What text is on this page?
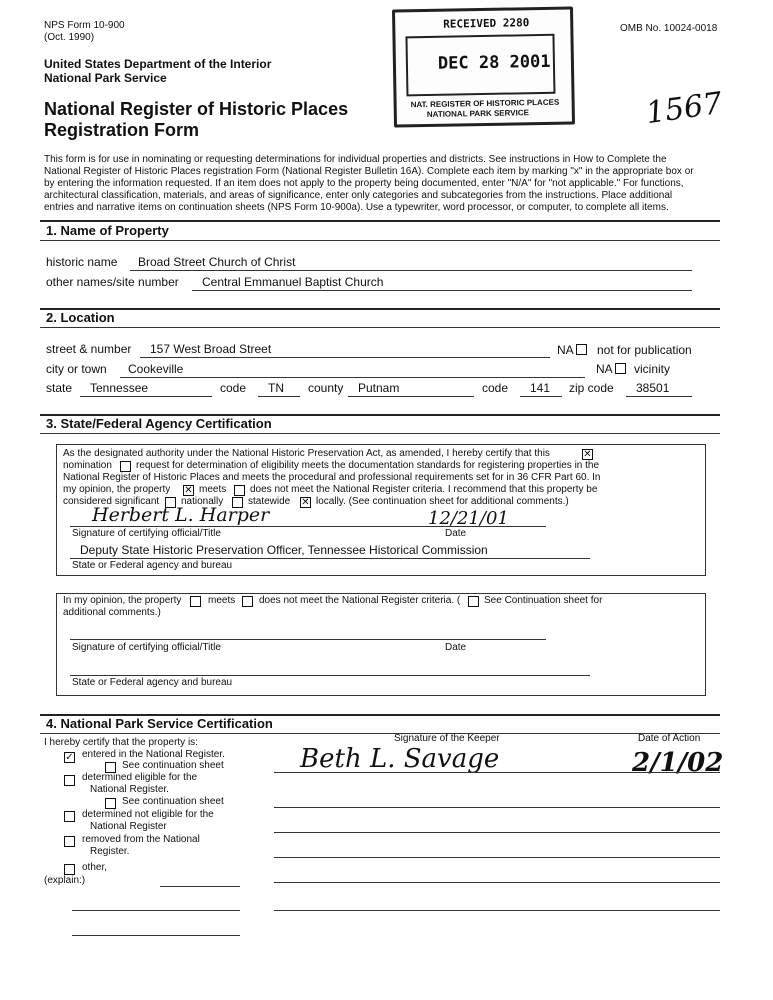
NPS Form 10-900
(Oct. 1990)
United States Department of the Interior
National Park Service
National Register of Historic Places
Registration Form
OMB No. 10024-0018
1567
RECEIVED 2280
DEC 28 2001
NAT. REGISTER OF HISTORIC PLACES
NATIONAL PARK SERVICE
This form is for use in nominating or requesting determinations for individual properties and districts. See instructions in How to Complete the
National Register of Historic Places registration Form (National Register Bulletin 16A). Complete each item by marking "x" in the appropriate box or
by entering the information requested. If an item does not apply to the property being documented, enter "N/A" for "not applicable." For functions,
architectural classification, materials, and areas of significance, enter only categories and subcategories from the instructions. Place additional
entries and narrative items on continuation sheets (NPS Form 10-900a). Use a typewriter, word processor, or computer, to complete all items.
1. Name of Property
historic name Broad Street Church of Christ
other names/site number Central Emmanuel Baptist Church
2. Location
street & number 157 West Broad Street	NA not for publication
city or town Cookeville	NA vicinity
state Tennessee	code TN county Putnam	code 141 zip code 38501
3. State/Federal Agency Certification
As the designated authority under the National Historic Preservation Act, as amended, I hereby certify that this	✕
nomination request for determination of eligibility meets the documentation standards for registering properties in the
National Register of Historic Places and meets the procedural and professional requirements set for in 36 CFR Part 60. In
my opinion, the property ✕ meets does not meet the National Register criteria. I recommend that this property be
considered significant nationally statewide ✕ locally. (See continuation sheet for additional comments.)
Herbert L. Harper	12/21/01
Signature of certifying official/Title	Date
Deputy State Historic Preservation Officer, Tennessee Historical Commission
State or Federal agency and bureau
In my opinion, the property	meets does not meet the National Register criteria. ( See Continuation sheet for
additional comments.)
Signature of certifying official/Title	Date
State or Federal agency and bureau
4. National Park Service Certification
I hereby certify that the property is:
✓ entered in the National Register.
See continuation sheet
determined eligible for the
National Register.
See continuation sheet
determined not eligible for the
National Register
removed from the National
Register.
other,
(explain:)
Signature of the Keeper	Date of Action
Beth L. Savage	2/1/02
